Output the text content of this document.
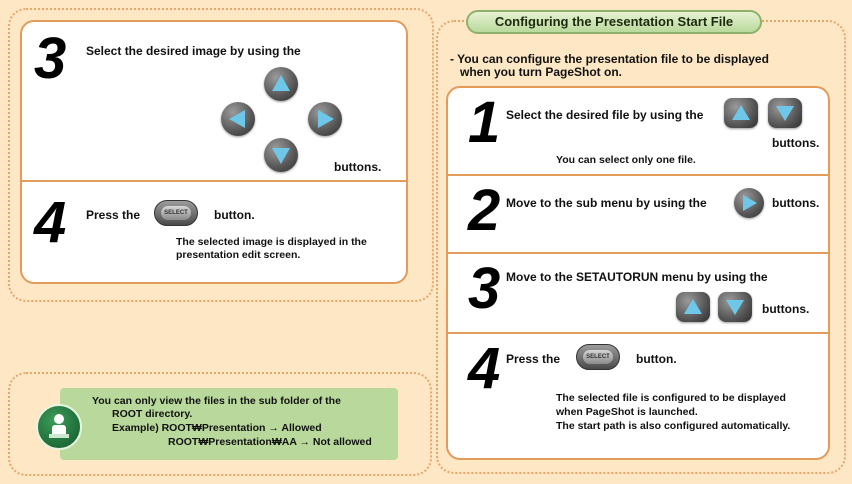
3 Select the desired image by using the
buttons.
4 Press the	SELECT button.
The selected image is displayed in the
presentation edit screen.
You can only view the files in the sub folder of the
ROOT directory.
Example) ROOT₩Presentation → Allowed
ROOT₩Presentation₩AA → Not allowed
Configuring the Presentation Start File
- You can configure the presentation file to be displayed
when you turn PageShot on.
1 Select the desired file by using the
buttons.
You can select only one file.
2 Move to the sub menu by using the	buttons.
3 Move to the SETAUTORUN menu by using the
buttons.
4 Press the	SELECT button.
The selected file is configured to be displayed
when PageShot is launched.
The start path is also configured automatically.
